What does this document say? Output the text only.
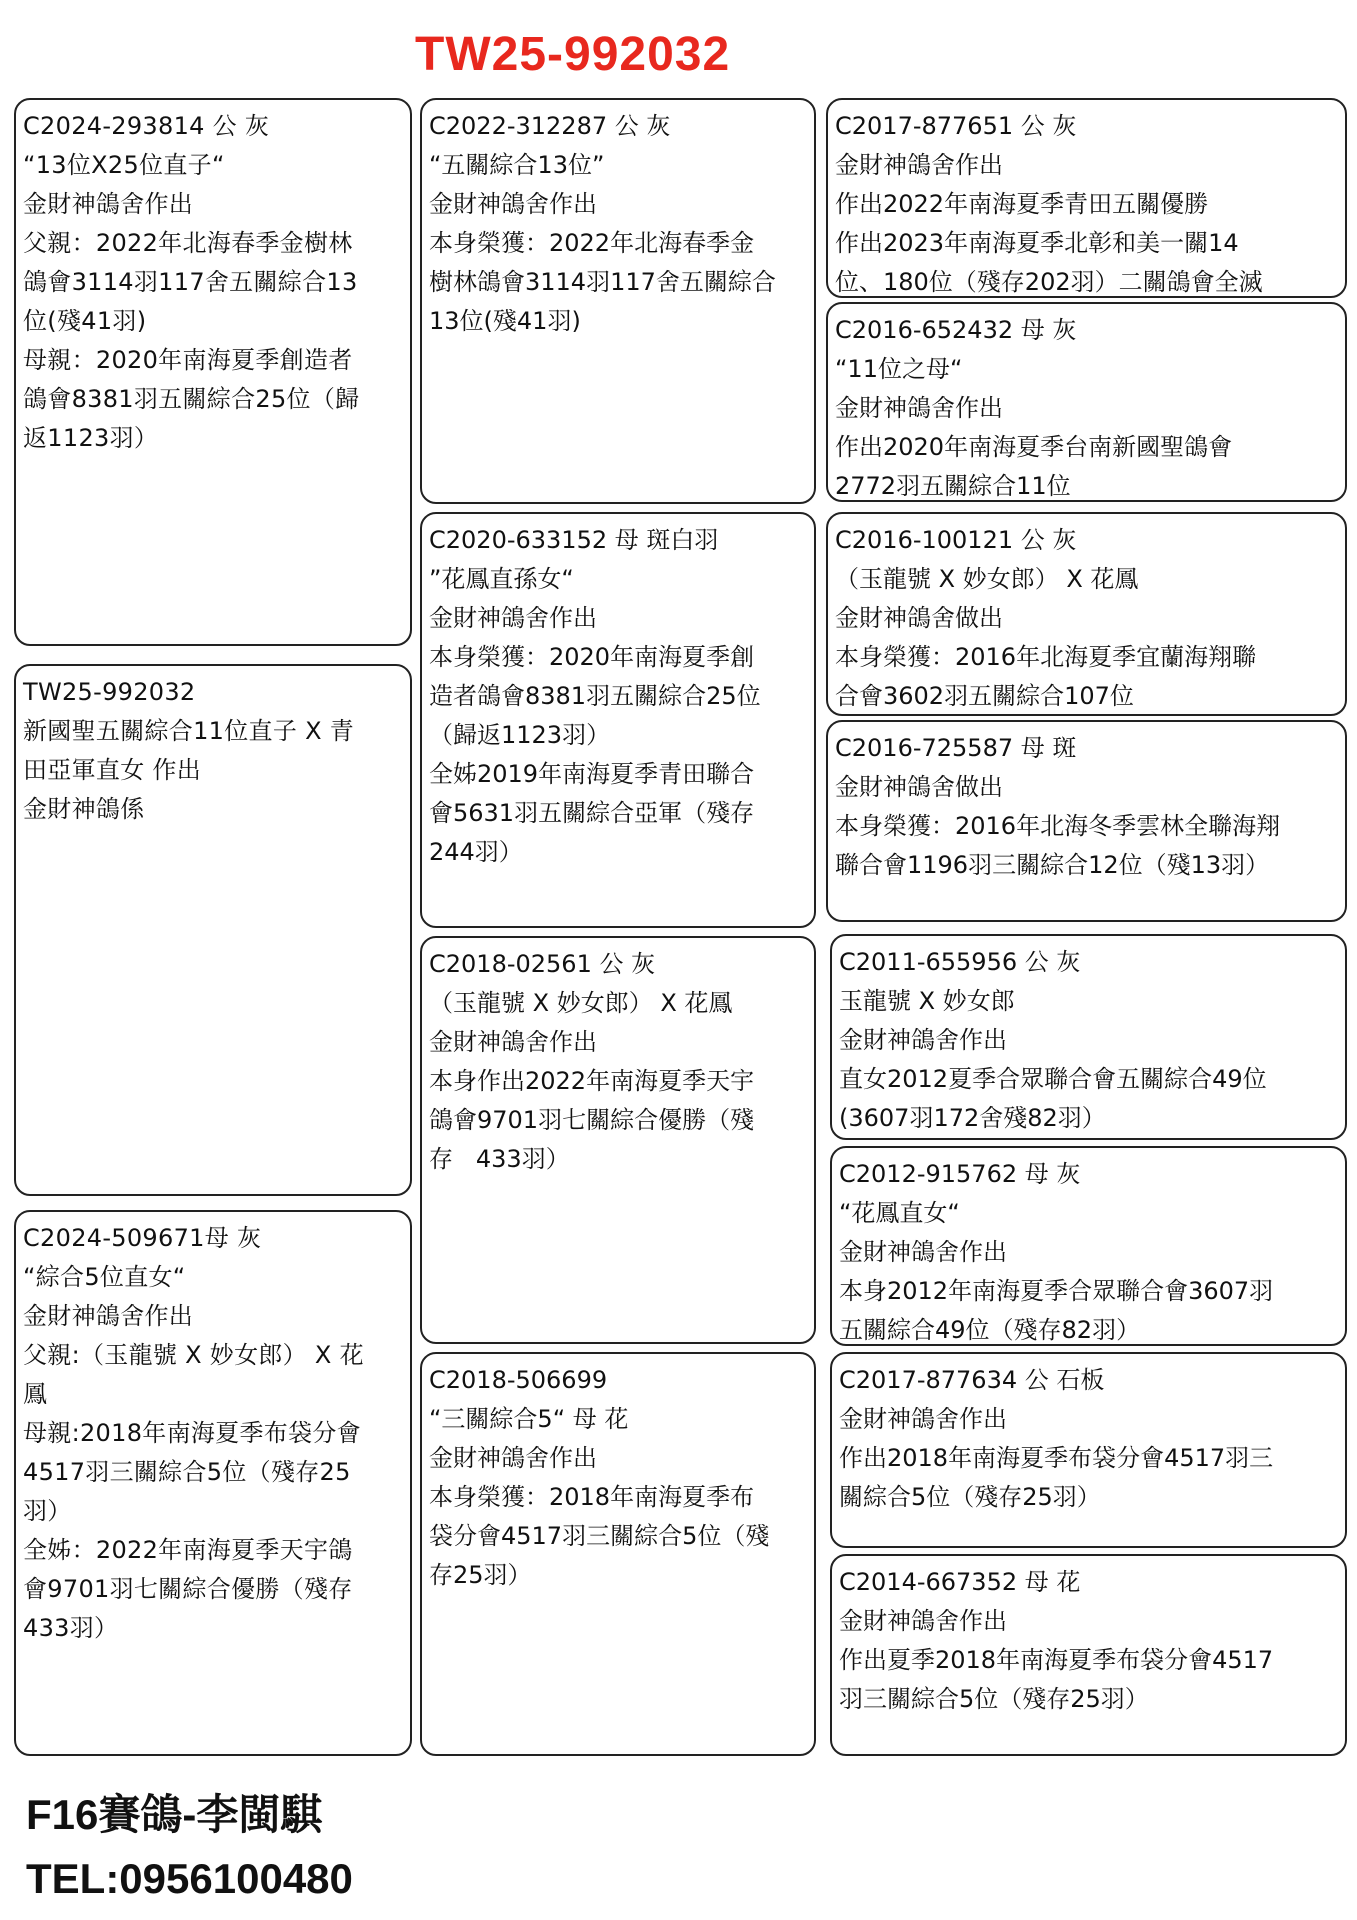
TW25-992032
C2024-293814 公 灰
“13位X25位直子“
金財神鴿舍作出
父親：2022年北海春季金樹林
鴿會3114羽117舍五關綜合13
位(殘41羽)
母親：2020年南海夏季創造者
鴿會8381羽五關綜合25位（歸
返1123羽）
TW25-992032
新國聖五關綜合11位直子 X 青
田亞軍直女 作出
金財神鴿係
C2024-509671母 灰
“綜合5位直女“
金財神鴿舍作出
父親:（玉龍號 X 妙女郎） X 花
鳳
母親:2018年南海夏季布袋分會
4517羽三關綜合5位（殘存25
羽）
全姊：2022年南海夏季天宇鴿
會9701羽七關綜合優勝（殘存
433羽）
C2022-312287 公 灰
“五關綜合13位”
金財神鴿舍作出
本身榮獲：2022年北海春季金
樹林鴿會3114羽117舍五關綜合
13位(殘41羽)
C2020-633152 母 斑白羽
”花鳳直孫女“
金財神鴿舍作出
本身榮獲：2020年南海夏季創
造者鴿會8381羽五關綜合25位
（歸返1123羽）
全姊2019年南海夏季青田聯合
會5631羽五關綜合亞軍（殘存
244羽）
C2018-02561 公 灰
（玉龍號 X 妙女郎） X 花鳳
金財神鴿舍作出
本身作出2022年南海夏季天宇
鴿會9701羽七關綜合優勝（殘
存   433羽）
C2018-506699
“三關綜合5“ 母 花
金財神鴿舍作出
本身榮獲：2018年南海夏季布
袋分會4517羽三關綜合5位（殘
存25羽）
C2017-877651 公 灰
金財神鴿舍作出
作出2022年南海夏季青田五關優勝
作出2023年南海夏季北彰和美一關14
位、180位（殘存202羽）二關鴿會全滅
C2016-652432 母 灰
“11位之母“
金財神鴿舍作出
作出2020年南海夏季台南新國聖鴿會
2772羽五關綜合11位
C2016-100121 公 灰
（玉龍號 X 妙女郎） X 花鳳
金財神鴿舍做出
本身榮獲：2016年北海夏季宜蘭海翔聯
合會3602羽五關綜合107位
C2016-725587 母 斑
金財神鴿舍做出
本身榮獲：2016年北海冬季雲林全聯海翔
聯合會1196羽三關綜合12位（殘13羽）
C2011-655956 公 灰
玉龍號 X 妙女郎
金財神鴿舍作出
直女2012夏季合眾聯合會五關綜合49位
(3607羽172舍殘82羽）
C2012-915762 母 灰
“花鳳直女“
金財神鴿舍作出
本身2012年南海夏季合眾聯合會3607羽
五關綜合49位（殘存82羽）
C2017-877634 公 石板
金財神鴿舍作出
作出2018年南海夏季布袋分會4517羽三
關綜合5位（殘存25羽）
C2014-667352 母 花
金財神鴿舍作出
作出夏季2018年南海夏季布袋分會4517
羽三關綜合5位（殘存25羽）

F16賽鴿-李閩騏

TEL:0956100480
